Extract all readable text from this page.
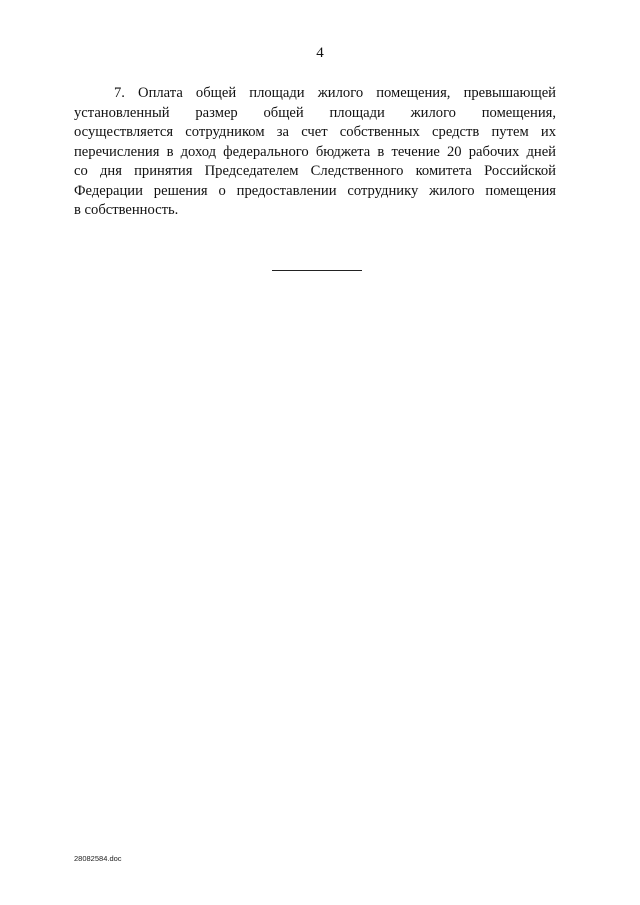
4
7. Оплата общей площади жилого помещения, превышающей
установленный размер общей площади жилого помещения,
осуществляется сотрудником за счет собственных средств путем их
перечисления в доход федерального бюджета в течение 20 рабочих дней
со дня принятия Председателем Следственного комитета Российской
Федерации решения о предоставлении сотруднику жилого помещения
в собственность.
28082584.doc
